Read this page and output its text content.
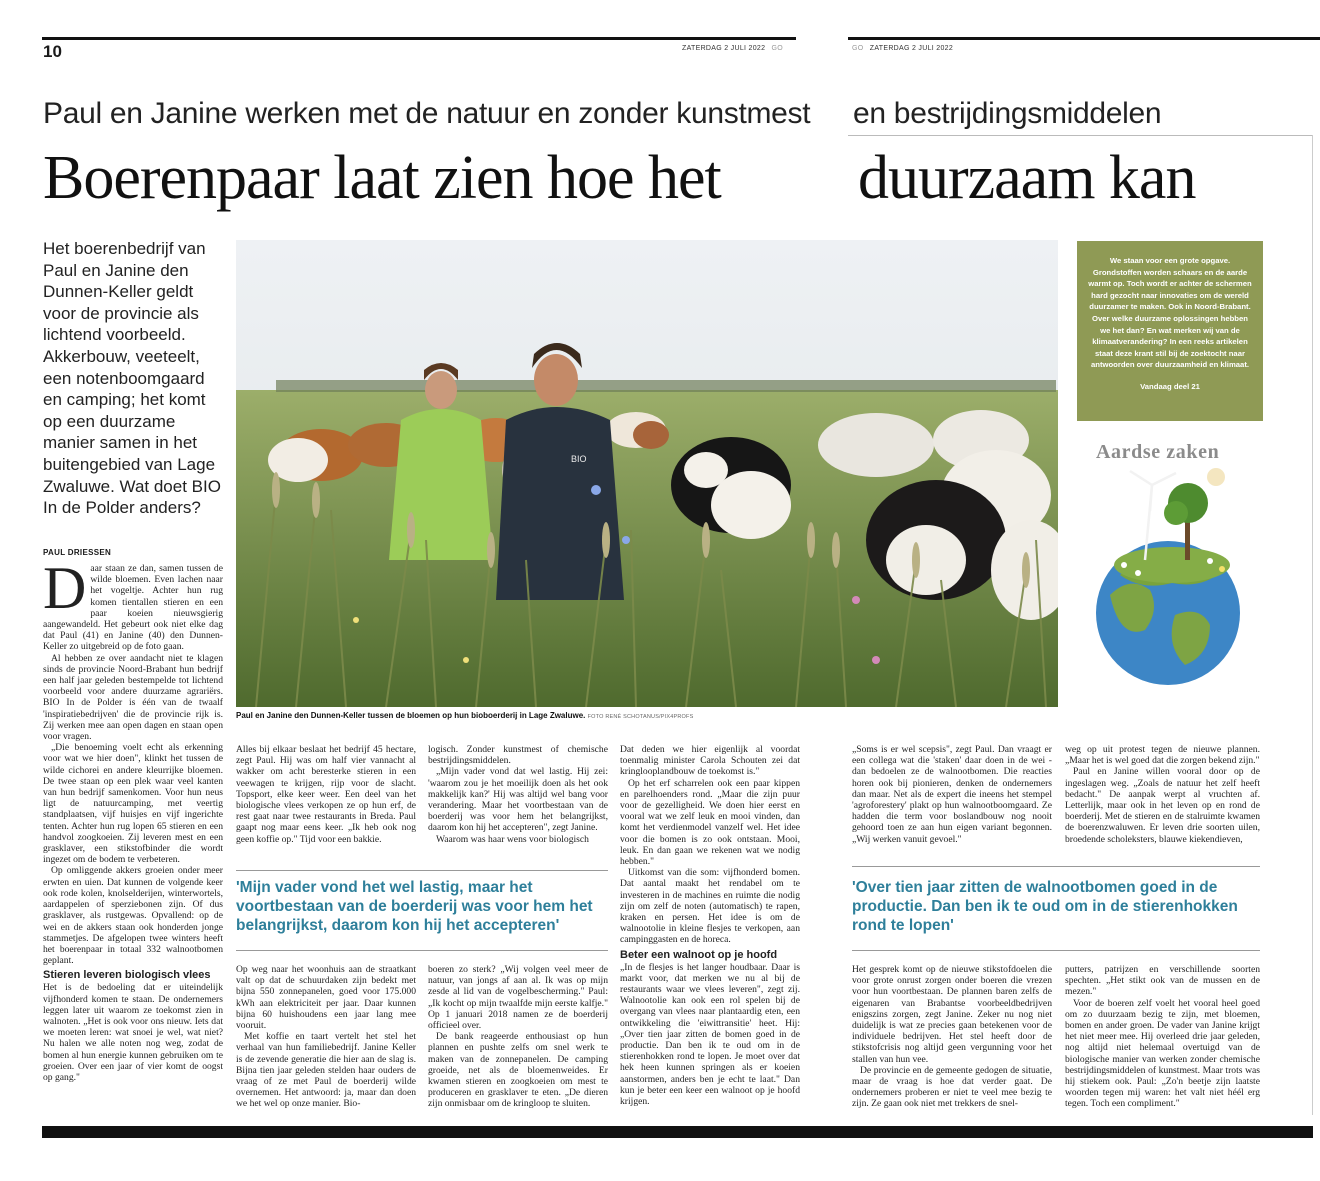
10	ZATERDAG 2 JULI 2022 GO	GO ZATERDAG 2 JULI 2022
Paul en Janine werken met de natuur en zonder kunstmest en bestrijdingsmiddelen
Boerenpaar laat zien hoe het duurzaam kan
Het boerenbedrijf van Paul en Janine den Dunnen-Keller geldt voor de provincie als lichtend voorbeeld. Akkerbouw, veeteelt, een notenboomgaard en camping; het komt op een duurzame manier samen in het buitengebied van Lage Zwaluwe. Wat doet BIO In de Polder anders?
PAUL DRIESSEN
BIO
Paul en Janine den Dunnen-Keller tussen de bloemen op hun bioboerderij in Lage Zwaluwe. FOTO RENÉ SCHOTANUS/PIX4PROFS
We staan voor een grote opgave. Grondstoffen worden schaars en de aarde warmt op. Toch wordt er achter de schermen hard gezocht naar innovaties om de wereld duurzamer te maken. Ook in Noord-Brabant. Over welke duurzame oplossingen hebben we het dan? En wat merken wij van de klimaatverandering? In een reeks artikelen staat deze krant stil bij de zoektocht naar antwoorden over duurzaamheid en klimaat.
Vandaag deel 21
Aardse zaken
D aar staan ze dan, samen tussen de wilde bloemen. Even lachen naar het vogeltje. Achter hun rug komen tientallen stieren en een paar koeien nieuwsgierig aangewandeld. Het gebeurt ook niet elke dag dat Paul (41) en Janine (40) den Dunnen-Keller zo uitgebreid op de foto gaan.

Al hebben ze over aandacht niet te klagen sinds de provincie Noord-Brabant hun bedrijf een half jaar geleden bestempelde tot lichtend voorbeeld voor andere duurzame agrariërs. BIO In de Polder is één van de twaalf 'inspiratiebedrijven' die de provincie rijk is. Zij werken mee aan open dagen en staan open voor vragen.

„Die benoeming voelt echt als erkenning voor wat we hier doen", klinkt het tussen de wilde cichorei en andere kleurrijke bloemen. De twee staan op een plek waar veel kanten van hun bedrijf samenkomen. Voor hun neus ligt de natuurcamping, met veertig standplaatsen, vijf huisjes en vijf ingerichte tenten. Achter hun rug lopen 65 stieren en een handvol zoogkoeien. Zij leveren mest en een grasklaver, een stikstofbinder die wordt ingezet om de bodem te verbeteren.

Op omliggende akkers groeien onder meer erwten en uien. Dat kunnen de volgende keer ook rode kolen, knolselderijen, winterwortels, aardappelen of sperziebonen zijn. Of dus grasklaver, als rustgewas. Opvallend: op de wei en de akkers staan ook honderden jonge stammetjes. De afgelopen twee winters heeft het boerenpaar in totaal 332 walnootbomen geplant.

Stieren leveren biologisch vlees

Het is de bedoeling dat er uiteindelijk vijfhonderd komen te staan. De ondernemers leggen later uit waarom ze toekomst zien in walnoten. „Het is ook voor ons nieuw. Iets dat we moeten leren: wat snoei je wel, wat niet? Nu halen we alle noten nog weg, zodat de bomen al hun energie kunnen gebruiken om te groeien. Over een jaar of vier komt de oogst op gang."

Alles bij elkaar beslaat het bedrijf 45 hectare, zegt Paul. Hij was om half vier vannacht al wakker om acht beresterke stieren in een veewagen te krijgen, rijp voor de slacht. Topsport, elke keer weer. Een deel van het biologische vlees verkopen ze op hun erf, de rest gaat naar twee restaurants in Breda. Paul gaapt nog maar eens keer. „Ik heb ook nog geen koffie op." Tijd voor een bakkie.

logisch. Zonder kunstmest of chemische bestrijdingsmiddelen.

„Mijn vader vond dat wel lastig. Hij zei: 'waarom zou je het moeilijk doen als het ook makkelijk kan?' Hij was altijd wel bang voor verandering. Maar het voortbestaan van de boerderij was voor hem het belangrijkst, daarom kon hij het accepteren", zegt Janine.

Waarom was haar wens voor biologisch

'Mijn vader vond het wel lastig, maar het voortbestaan van de boerderij was voor hem het belangrijkst, daarom kon hij het accepteren'

Op weg naar het woonhuis aan de straatkant valt op dat de schuurdaken zijn bedekt met bijna 550 zonnepanelen, goed voor 175.000 kWh aan elektriciteit per jaar. Daar kunnen bijna 60 huishoudens een jaar lang mee vooruit.

Met koffie en taart vertelt het stel het verhaal van hun familiebedrijf. Janine Keller is de zevende generatie die hier aan de slag is. Bijna tien jaar geleden stelden haar ouders de vraag of ze met Paul de boerderij wilde overnemen. Het antwoord: ja, maar dan doen we het wel op onze manier. Bio-

boeren zo sterk? „Wij volgen veel meer de natuur, van jongs af aan al. Ik was op mijn zesde al lid van de vogelbescherming." Paul: „Ik kocht op mijn twaalfde mijn eerste kalfje." Op 1 januari 2018 namen ze de boerderij officieel over.

De bank reageerde enthousiast op hun plannen en pushte zelfs om snel werk te maken van de zonnepanelen. De camping groeide, net als de bloemenweides. Er kwamen stieren en zoogkoeien om mest te produceren en grasklaver te eten. „De dieren zijn onmisbaar om de kringloop te sluiten.

Dat deden we hier eigenlijk al voordat toenmalig minister Carola Schouten zei dat kringlooplandbouw de toekomst is."

Op het erf scharrelen ook een paar kippen en parelhoenders rond. „Maar die zijn puur voor de gezelligheid. We doen hier eerst en vooral wat we zelf leuk en mooi vinden, dan komt het verdienmodel vanzelf wel. Het idee voor die bomen is zo ook ontstaan. Mooi, leuk. En dan gaan we rekenen wat we nodig hebben."

Uitkomst van die som: vijfhonderd bomen. Dat aantal maakt het rendabel om te investeren in de machines en ruimte die nodig zijn om zelf de noten (automatisch) te rapen, kraken en persen. Het idee is om de walnootolie in kleine flesjes te verkopen, aan campinggasten en de horeca.

Beter een walnoot op je hoofd

„In de flesjes is het langer houdbaar. Daar is markt voor, dat merken we nu al bij de restaurants waar we vlees leveren", zegt zij. Walnootolie kan ook een rol spelen bij de overgang van vlees naar plantaardig eten, een ontwikkeling die 'eiwittransitie' heet. Hij: „Over tien jaar zitten de bomen goed in de productie. Dan ben ik te oud om in de stierenhokken rond te lopen. Je moet over dat hek heen kunnen springen als er koeien aanstormen, anders ben je echt te laat." Dan kun je beter een keer een walnoot op je hoofd krijgen.

„Soms is er wel scepsis", zegt Paul. Dan vraagt er een collega wat die 'staken' daar doen in de wei - dan bedoelen ze de walnootbomen. Die reacties horen ook bij pionieren, denken de ondernemers dan maar. Net als de expert die ineens het stempel 'agroforestery' plakt op hun walnootboomgaard. Ze hadden die term voor boslandbouw nog nooit gehoord toen ze aan hun eigen variant begonnen. „Wij werken vanuit gevoel."

weg op uit protest tegen de nieuwe plannen. „Maar het is wel goed dat die zorgen bekend zijn."

Paul en Janine willen vooral door op de ingeslagen weg. „Zoals de natuur het zelf heeft bedacht." De aanpak werpt al vruchten af. Letterlijk, maar ook in het leven op en rond de boerderij. Met de stieren en de stalruimte kwamen de boerenzwaluwen. Er leven drie soorten uilen, broedende scholeksters, blauwe kiekendieven,

'Over tien jaar zitten de walnootbomen goed in de productie. Dan ben ik te oud om in de stierenhokken rond te lopen'

Het gesprek komt op de nieuwe stikstofdoelen die voor grote onrust zorgen onder boeren die vrezen voor hun voortbestaan. De plannen baren zelfs de eigenaren van Brabantse voorbeeldbedrijven enigszins zorgen, zegt Janine. Zeker nu nog niet duidelijk is wat ze precies gaan betekenen voor de individuele bedrijven. Het stel heeft door de stikstofcrisis nog altijd geen vergunning voor het stallen van hun vee.

De provincie en de gemeente gedogen de situatie, maar de vraag is hoe dat verder gaat. De ondernemers proberen er niet te veel mee bezig te zijn. Ze gaan ook niet met trekkers de snel-

putters, patrijzen en verschillende soorten spechten. „Het stikt ook van de mussen en de mezen."

Voor de boeren zelf voelt het vooral heel goed om zo duurzaam bezig te zijn, met bloemen, bomen en ander groen. De vader van Janine krijgt het niet meer mee. Hij overleed drie jaar geleden, nog altijd niet helemaal overtuigd van de biologische manier van werken zonder chemische bestrijdingsmiddelen of kunstmest. Maar trots was hij stiekem ook. Paul: „Zo'n beetje zijn laatste woorden tegen mij waren: het valt niet héél erg tegen. Toch een compliment."
